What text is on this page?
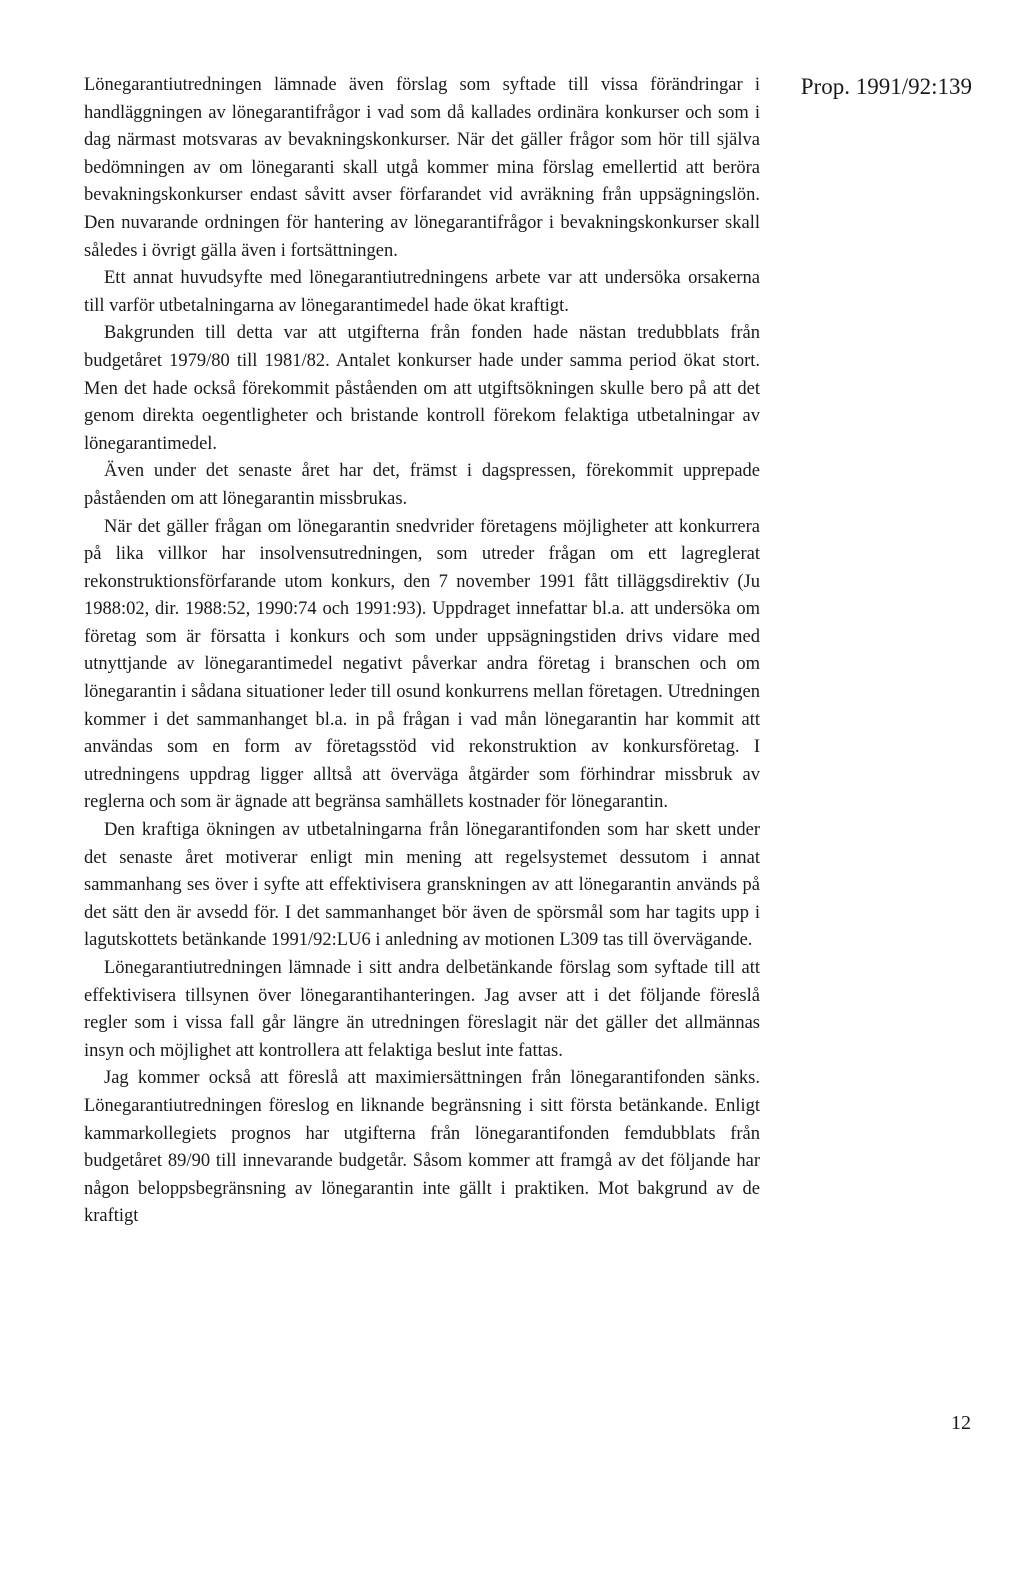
Prop. 1991/92:139

Lönegarantiutredningen lämnade även förslag som syftade till vissa förändringar i handläggningen av lönegarantifrågor i vad som då kallades ordinära konkurser och som i dag närmast motsvaras av bevakningskonkurser. När det gäller frågor som hör till själva bedömningen av om lönegaranti skall utgå kommer mina förslag emellertid att beröra bevakningskonkurser endast såvitt avser förfarandet vid avräkning från uppsägningslön. Den nuvarande ordningen för hantering av lönegarantifrågor i bevakningskonkurser skall således i övrigt gälla även i fortsättningen.

Ett annat huvudsyfte med lönegarantiutredningens arbete var att undersöka orsakerna till varför utbetalningarna av lönegarantimedel hade ökat kraftigt.

Bakgrunden till detta var att utgifterna från fonden hade nästan tredubblats från budgetåret 1979/80 till 1981/82. Antalet konkurser hade under samma period ökat stort. Men det hade också förekommit påståenden om att utgiftsökningen skulle bero på att det genom direkta oegentligheter och bristande kontroll förekom felaktiga utbetalningar av lönegarantimedel.

Även under det senaste året har det, främst i dagspressen, förekommit upprepade påståenden om att lönegarantin missbrukas.

När det gäller frågan om lönegarantin snedvrider företagens möjligheter att konkurrera på lika villkor har insolvensutredningen, som utreder frågan om ett lagreglerat rekonstruktionsförfarande utom konkurs, den 7 november 1991 fått tilläggsdirektiv (Ju 1988:02, dir. 1988:52, 1990:74 och 1991:93). Uppdraget innefattar bl.a. att undersöka om företag som är försatta i konkurs och som under uppsägningstiden drivs vidare med utnyttjande av lönegarantimedel negativt påverkar andra företag i branschen och om lönegarantin i sådana situationer leder till osund konkurrens mellan företagen. Utredningen kommer i det sammanhanget bl.a. in på frågan i vad mån lönegarantin har kommit att användas som en form av företagsstöd vid rekonstruktion av konkursföretag. I utredningens uppdrag ligger alltså att överväga åtgärder som förhindrar missbruk av reglerna och som är ägnade att begränsa samhällets kostnader för lönegarantin.

Den kraftiga ökningen av utbetalningarna från lönegarantifonden som har skett under det senaste året motiverar enligt min mening att regelsystemet dessutom i annat sammanhang ses över i syfte att effektivisera granskningen av att lönegarantin används på det sätt den är avsedd för. I det sammanhanget bör även de spörsmål som har tagits upp i lagutskottets betänkande 1991/92:LU6 i anledning av motionen L309 tas till övervägande.

Lönegarantiutredningen lämnade i sitt andra delbetänkande förslag som syftade till att effektivisera tillsynen över lönegarantihanteringen. Jag avser att i det följande föreslå regler som i vissa fall går längre än utredningen föreslagit när det gäller det allmännas insyn och möjlighet att kontrollera att felaktiga beslut inte fattas.

Jag kommer också att föreslå att maximiersättningen från lönegarantifonden sänks. Lönegarantiutredningen föreslog en liknande begränsning i sitt första betänkande. Enligt kammarkollegiets prognos har utgifterna från lönegarantifonden femdubblats från budgetåret 89/90 till innevarande budgetår. Såsom kommer att framgå av det följande har någon beloppsbegränsning av lönegarantin inte gällt i praktiken. Mot bakgrund av de kraftigt

12
